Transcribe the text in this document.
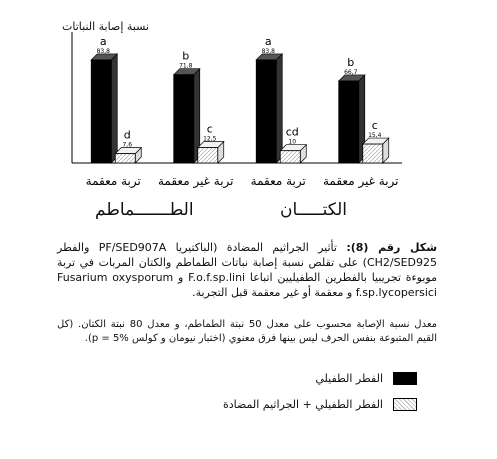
a
83,8
d
7,6
تربة معقمة
b
71,8
c
12,5
تربة غير معقمة
a
83,8
cd
10
تربة معقمة
b
66,7
c
15,4
تربة غير معقمة
نسبة إصابة النباتات
الطـــــــماطم	الكتـــــان
شكل رقم (8): تأثير الجراثيم المضادة (الباكتيريا PF/SED907A والفطر CH2/SED925) على تقلص نسبة إصابة نباتات الطماطم والكتان المربات في تربة موبوءة تجريبيا بالفطرين الطفيليين اتباعا F.o.f.sp.lini و Fusarium oxysporum f.sp.lycopersici و معقمة أو غير معقمة قبل التجربة.
معدل نسبة الإصابة محسوب على معدل 50 نبتة الطماطم، و معدل 80 نبتة الكتان. (كل القيم المتبوعة بنفس الحرف ليس بينها فرق معنوي (اختبار نيومان و كولس p = 5%).
الفطر الطفيلي
الفطر الطفيلي + الجراثيم المضادة
